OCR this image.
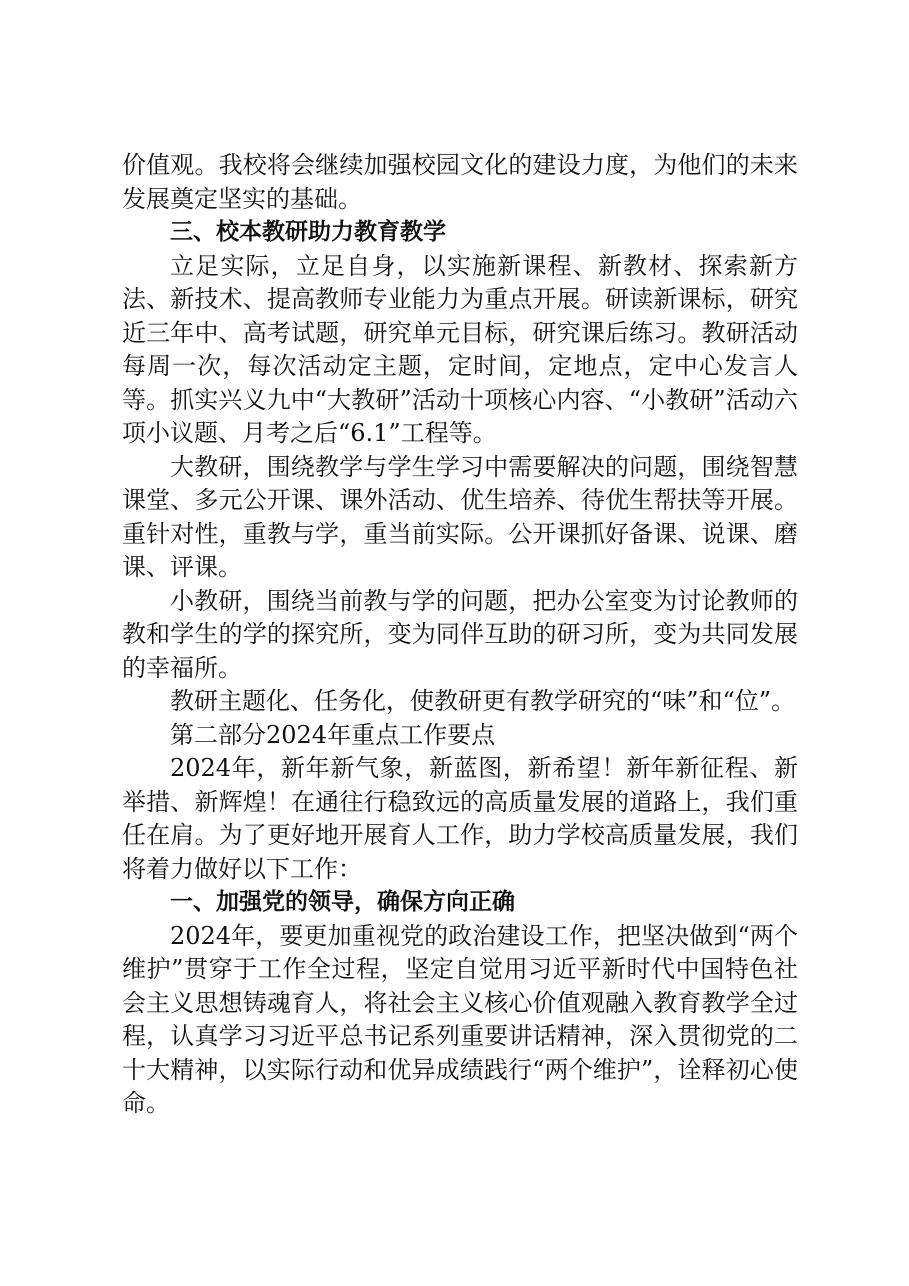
价值观。我校将会继续加强校园文化的建设力度，为他们的未来发展奠定坚实的基础。

三、校本教研助力教育教学

立足实际，立足自身，以实施新课程、新教材、探索新方法、新技术、提高教师专业能力为重点开展。研读新课标，研究近三年中、高考试题，研究单元目标，研究课后练习。教研活动每周一次，每次活动定主题，定时间，定地点，定中心发言人等。抓实兴义九中“大教研”活动十项核心内容、“小教研”活动六项小议题、月考之后“6.1”工程等。

大教研，围绕教学与学生学习中需要解决的问题，围绕智慧课堂、多元公开课、课外活动、优生培养、待优生帮扶等开展。重针对性，重教与学，重当前实际。公开课抓好备课、说课、磨课、评课。

小教研，围绕当前教与学的问题，把办公室变为讨论教师的教和学生的学的探究所，变为同伴互助的研习所，变为共同发展的幸福所。

教研主题化、任务化，使教研更有教学研究的“味”和“位”。

第二部分2024年重点工作要点

2024年，新年新气象，新蓝图，新希望！新年新征程、新举措、新辉煌！在通往行稳致远的高质量发展的道路上，我们重任在肩。为了更好地开展育人工作，助力学校高质量发展，我们将着力做好以下工作：

一、加强党的领导，确保方向正确

2024年，要更加重视党的政治建设工作，把坚决做到“两个维护”贯穿于工作全过程，坚定自觉用习近平新时代中国特色社会主义思想铸魂育人，将社会主义核心价值观融入教育教学全过程，认真学习习近平总书记系列重要讲话精神，深入贯彻党的二十大精神，以实际行动和优异成绩践行“两个维护”，诠释初心使命。
